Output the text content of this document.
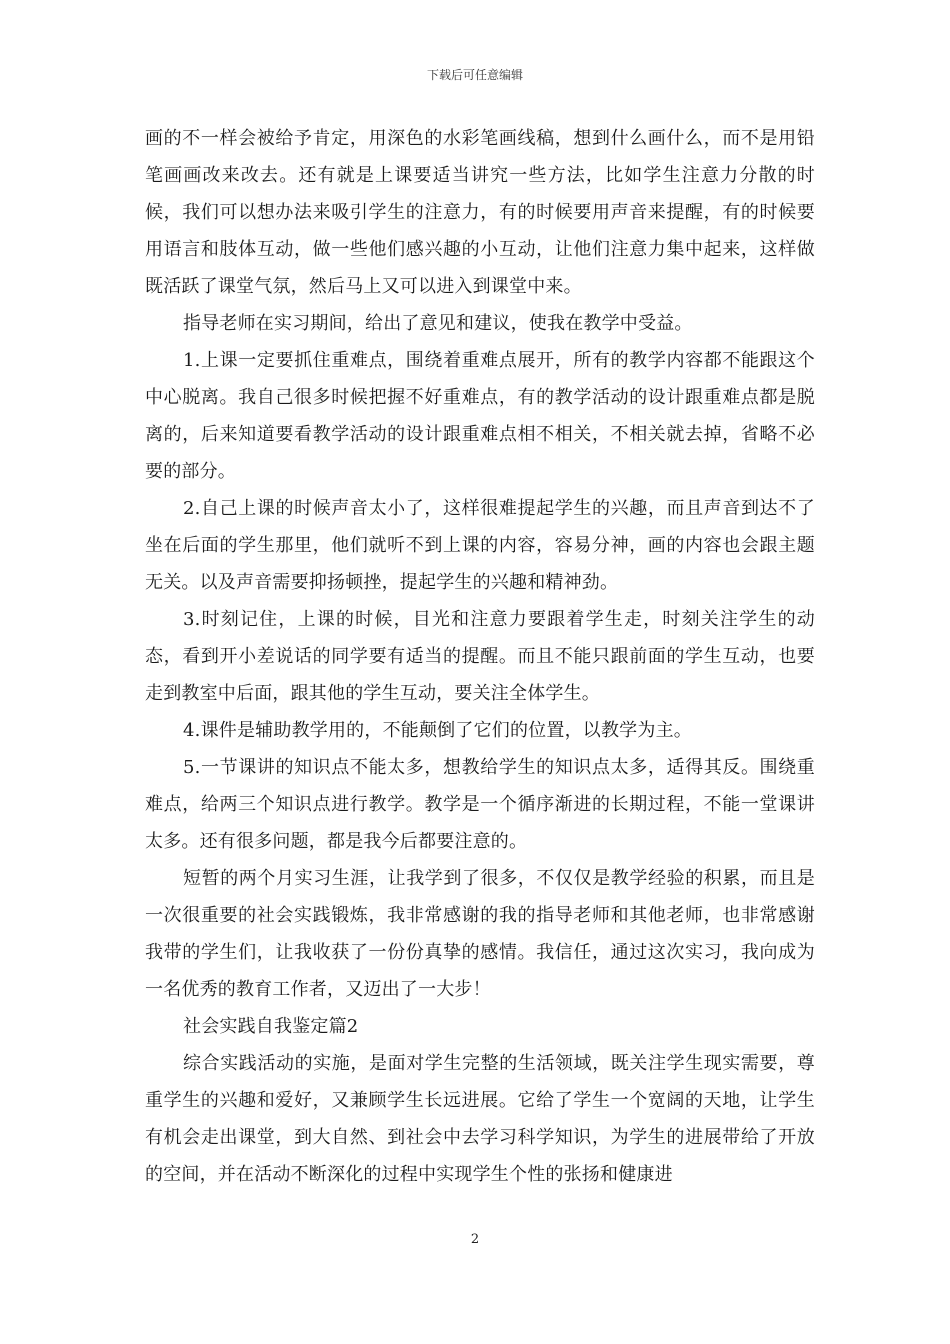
下载后可任意编辑

画的不一样会被给予肯定，用深色的水彩笔画线稿，想到什么画什么，而不是用铅笔画画改来改去。还有就是上课要适当讲究一些方法，比如学生注意力分散的时候，我们可以想办法来吸引学生的注意力，有的时候要用声音来提醒，有的时候要用语言和肢体互动，做一些他们感兴趣的小互动，让他们注意力集中起来，这样做既活跃了课堂气氛，然后马上又可以进入到课堂中来。

指导老师在实习期间，给出了意见和建议，使我在教学中受益。

1.上课一定要抓住重难点，围绕着重难点展开，所有的教学内容都不能跟这个中心脱离。我自己很多时候把握不好重难点，有的教学活动的设计跟重难点都是脱离的，后来知道要看教学活动的设计跟重难点相不相关，不相关就去掉，省略不必要的部分。

2.自己上课的时候声音太小了，这样很难提起学生的兴趣，而且声音到达不了坐在后面的学生那里，他们就听不到上课的内容，容易分神，画的内容也会跟主题无关。以及声音需要抑扬顿挫，提起学生的兴趣和精神劲。

3.时刻记住，上课的时候，目光和注意力要跟着学生走，时刻关注学生的动态，看到开小差说话的同学要有适当的提醒。而且不能只跟前面的学生互动，也要走到教室中后面，跟其他的学生互动，要关注全体学生。

4.课件是辅助教学用的，不能颠倒了它们的位置，以教学为主。

5.一节课讲的知识点不能太多，想教给学生的知识点太多，适得其反。围绕重难点，给两三个知识点进行教学。教学是一个循序渐进的长期过程，不能一堂课讲太多。还有很多问题，都是我今后都要注意的。

短暂的两个月实习生涯，让我学到了很多，不仅仅是教学经验的积累，而且是一次很重要的社会实践锻炼，我非常感谢的我的指导老师和其他老师，也非常感谢我带的学生们，让我收获了一份份真挚的感情。我信任，通过这次实习，我向成为一名优秀的教育工作者，又迈出了一大步！

社会实践自我鉴定篇2

综合实践活动的实施，是面对学生完整的生活领域，既关注学生现实需要，尊重学生的兴趣和爱好，又兼顾学生长远进展。它给了学生一个宽阔的天地，让学生有机会走出课堂，到大自然、到社会中去学习科学知识，为学生的进展带给了开放的空间，并在活动不断深化的过程中实现学生个性的张扬和健康进

2
